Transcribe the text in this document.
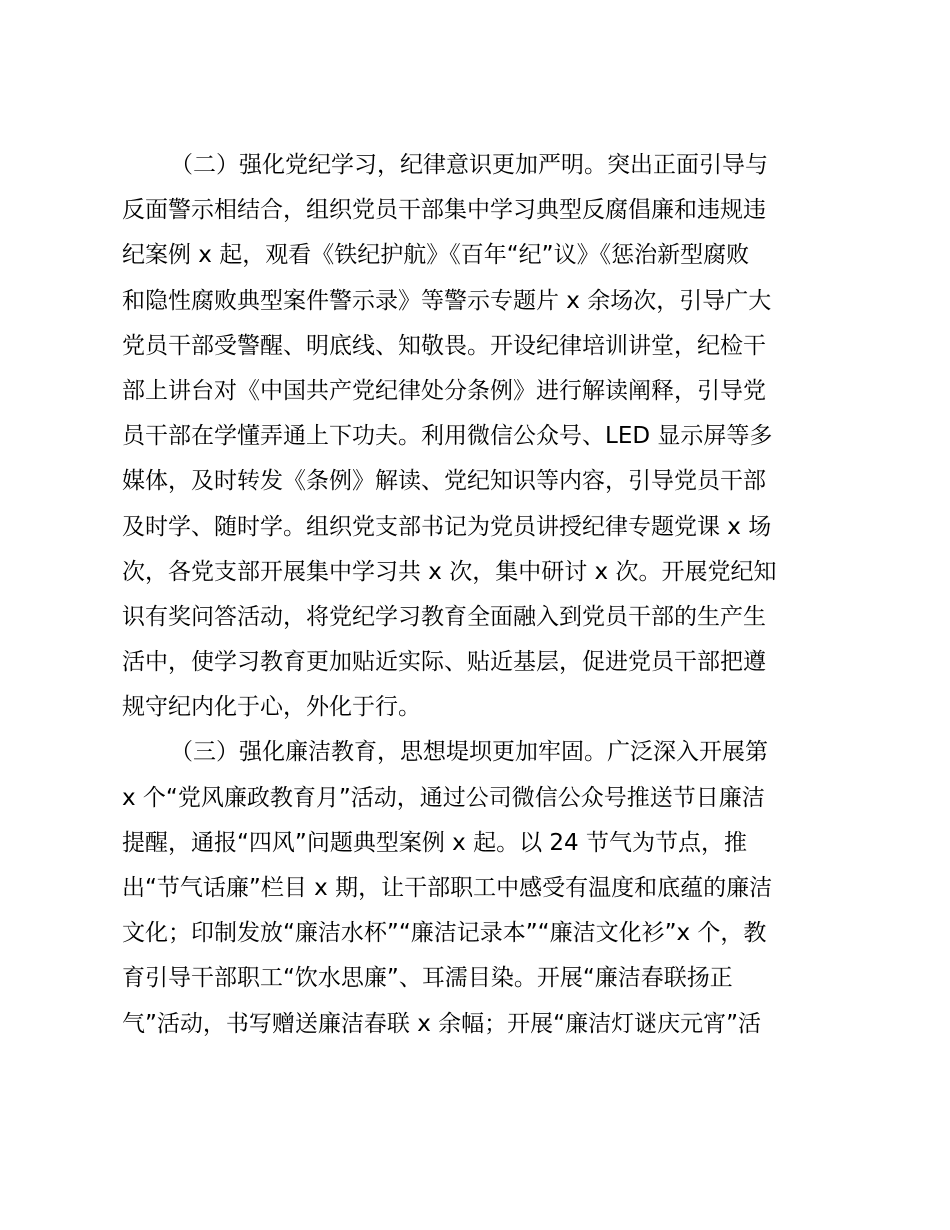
（二）强化党纪学习，纪律意识更加严明。突出正面引导与
反面警示相结合，组织党员干部集中学习典型反腐倡廉和违规违
纪案例 x 起，观看《铁纪护航》《百年“纪”议》《惩治新型腐败
和隐性腐败典型案件警示录》等警示专题片 x 余场次，引导广大
党员干部受警醒、明底线、知敬畏。开设纪律培训讲堂，纪检干
部上讲台对《中国共产党纪律处分条例》进行解读阐释，引导党
员干部在学懂弄通上下功夫。利用微信公众号、LED 显示屏等多
媒体，及时转发《条例》解读、党纪知识等内容，引导党员干部
及时学、随时学。组织党支部书记为党员讲授纪律专题党课 x 场
次，各党支部开展集中学习共 x 次，集中研讨 x 次。开展党纪知
识有奖问答活动，将党纪学习教育全面融入到党员干部的生产生
活中，使学习教育更加贴近实际、贴近基层，促进党员干部把遵
规守纪内化于心，外化于行。
（三）强化廉洁教育，思想堤坝更加牢固。广泛深入开展第
x 个“党风廉政教育月”活动，通过公司微信公众号推送节日廉洁
提醒，通报“四风”问题典型案例 x 起。以 24 节气为节点，推
出“节气话廉”栏目 x 期，让干部职工中感受有温度和底蕴的廉洁
文化；印制发放“廉洁水杯”“廉洁记录本”“廉洁文化衫”x 个，教
育引导干部职工“饮水思廉”、耳濡目染。开展“廉洁春联扬正
气”活动，书写赠送廉洁春联 x 余幅；开展“廉洁灯谜庆元宵”活
